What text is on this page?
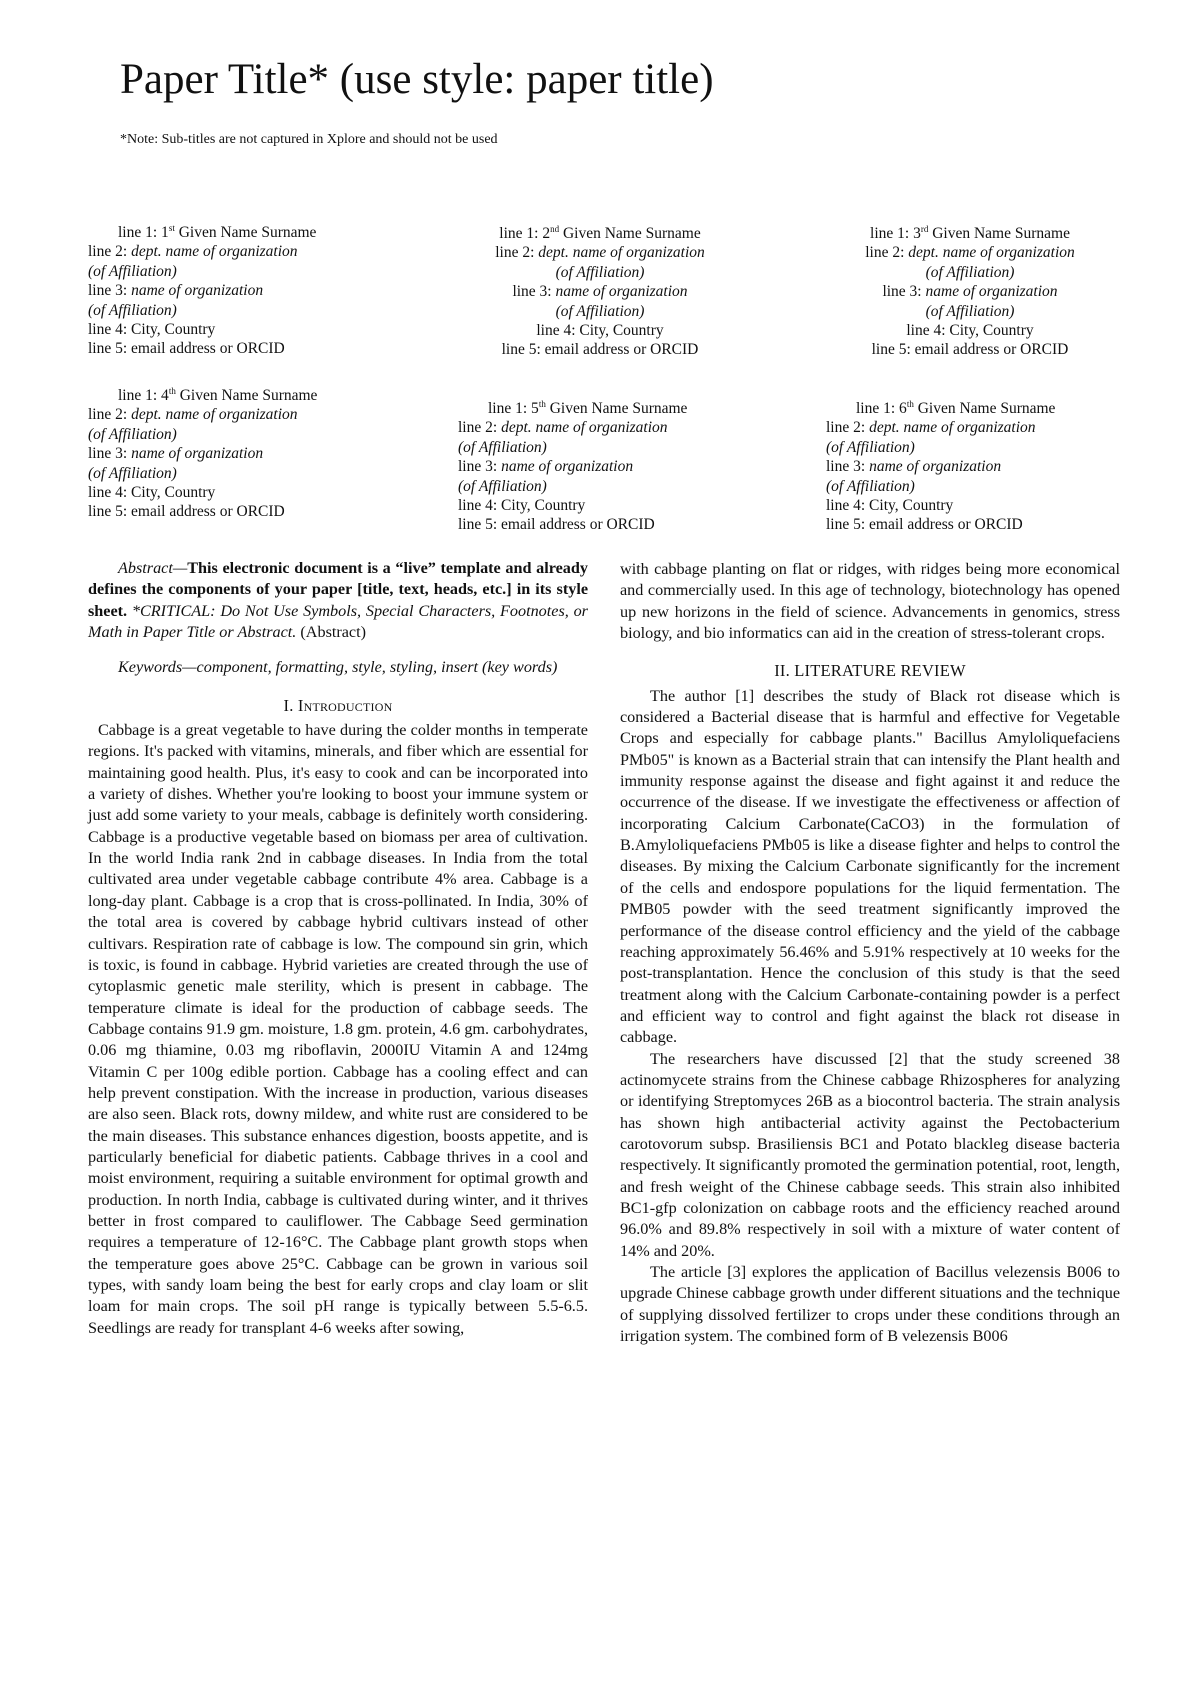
Paper Title* (use style: paper title)
*Note: Sub-titles are not captured in Xplore and should not be used
line 1: 1st Given Name Surname
line 2: dept. name of organization
(of Affiliation)
line 3: name of organization
(of Affiliation)
line 4: City, Country
line 5: email address or ORCID
line 1: 2nd Given Name Surname
line 2: dept. name of organization
(of Affiliation)
line 3: name of organization
(of Affiliation)
line 4: City, Country
line 5: email address or ORCID
line 1: 3rd Given Name Surname
line 2: dept. name of organization
(of Affiliation)
line 3: name of organization
(of Affiliation)
line 4: City, Country
line 5: email address or ORCID
line 1: 4th Given Name Surname
line 2: dept. name of organization
(of Affiliation)
line 3: name of organization
(of Affiliation)
line 4: City, Country
line 5: email address or ORCID
line 1: 5th Given Name Surname
line 2: dept. name of organization
(of Affiliation)
line 3: name of organization
(of Affiliation)
line 4: City, Country
line 5: email address or ORCID
line 1: 6th Given Name Surname
line 2: dept. name of organization
(of Affiliation)
line 3: name of organization
(of Affiliation)
line 4: City, Country
line 5: email address or ORCID

Abstract—This electronic document is a “live” template and already defines the components of your paper [title, text, heads, etc.] in its style sheet. *CRITICAL: Do Not Use Symbols, Special Characters, Footnotes, or Math in Paper Title or Abstract. (Abstract)

Keywords—component, formatting, style, styling, insert (key words)

I. Introduction

Cabbage is a great vegetable to have during the colder months in temperate regions. It's packed with vitamins, minerals, and fiber which are essential for maintaining good health. Plus, it's easy to cook and can be incorporated into a variety of dishes. Whether you're looking to boost your immune system or just add some variety to your meals, cabbage is definitely worth considering. Cabbage is a productive vegetable based on biomass per area of cultivation. In the world India rank 2nd in cabbage diseases. In India from the total cultivated area under vegetable cabbage contribute 4% area. Cabbage is a long-day plant. Cabbage is a crop that is cross-pollinated. In India, 30% of the total area is covered by cabbage hybrid cultivars instead of other cultivars. Respiration rate of cabbage is low. The compound sin grin, which is toxic, is found in cabbage. Hybrid varieties are created through the use of cytoplasmic genetic male sterility, which is present in cabbage. The temperature climate is ideal for the production of cabbage seeds. The Cabbage contains 91.9 gm. moisture, 1.8 gm. protein, 4.6 gm. carbohydrates, 0.06 mg thiamine, 0.03 mg riboflavin, 2000IU Vitamin A and 124mg Vitamin C per 100g edible portion. Cabbage has a cooling effect and can help prevent constipation. With the increase in production, various diseases are also seen. Black rots, downy mildew, and white rust are considered to be the main diseases. This substance enhances digestion, boosts appetite, and is particularly beneficial for diabetic patients. Cabbage thrives in a cool and moist environment, requiring a suitable environment for optimal growth and production. In north India, cabbage is cultivated during winter, and it thrives better in frost compared to cauliflower. The Cabbage Seed germination requires a temperature of 12-16°C. The Cabbage plant growth stops when the temperature goes above 25°C. Cabbage can be grown in various soil types, with sandy loam being the best for early crops and clay loam or slit loam for main crops. The soil pH range is typically between 5.5-6.5. Seedlings are ready for transplant 4-6 weeks after sowing,

with cabbage planting on flat or ridges, with ridges being more economical and commercially used. In this age of technology, biotechnology has opened up new horizons in the field of science. Advancements in genomics, stress biology, and bio informatics can aid in the creation of stress-tolerant crops.

II. LITERATURE REVIEW

The author [1] describes the study of Black rot disease which is considered a Bacterial disease that is harmful and effective for Vegetable Crops and especially for cabbage plants." Bacillus Amyloliquefaciens PMb05" is known as a Bacterial strain that can intensify the Plant health and immunity response against the disease and fight against it and reduce the occurrence of the disease. If we investigate the effectiveness or affection of incorporating Calcium Carbonate(CaCO3) in the formulation of B.Amyloliquefaciens PMb05 is like a disease fighter and helps to control the diseases. By mixing the Calcium Carbonate significantly for the increment of the cells and endospore populations for the liquid fermentation. The PMB05 powder with the seed treatment significantly improved the performance of the disease control efficiency and the yield of the cabbage reaching approximately 56.46% and 5.91% respectively at 10 weeks for the post-transplantation. Hence the conclusion of this study is that the seed treatment along with the Calcium Carbonate-containing powder is a perfect and efficient way to control and fight against the black rot disease in cabbage.

The researchers have discussed [2] that the study screened 38 actinomycete strains from the Chinese cabbage Rhizospheres for analyzing or identifying Streptomyces 26B as a biocontrol bacteria. The strain analysis has shown high antibacterial activity against the Pectobacterium carotovorum subsp. Brasiliensis BC1 and Potato blackleg disease bacteria respectively. It significantly promoted the germination potential, root, length, and fresh weight of the Chinese cabbage seeds. This strain also inhibited BC1-gfp colonization on cabbage roots and the efficiency reached around 96.0% and 89.8% respectively in soil with a mixture of water content of 14% and 20%.

The article [3] explores the application of Bacillus velezensis B006 to upgrade Chinese cabbage growth under different situations and the technique of supplying dissolved fertilizer to crops under these conditions through an irrigation system. The combined form of B velezensis B006
